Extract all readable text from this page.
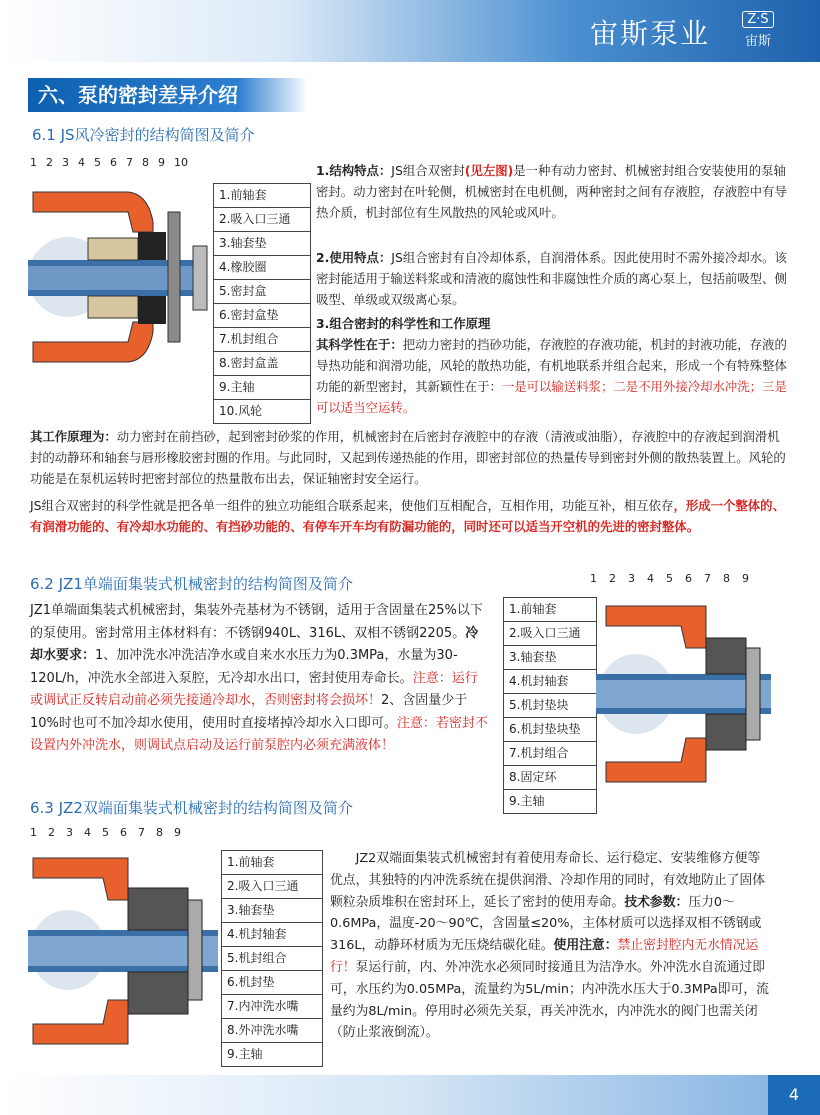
宙斯泵业	Z·S
宙斯
六、泵的密封差异介绍
6.1 JS风冷密封的结构简图及简介
1 2 3 4 5 6 7 8 9 10
1.前轴套
2.吸入口三通
3.轴套垫
4.橡胶圈
5.密封盒
6.密封盒垫
7.机封组合
8.密封盒盖
9.主轴
10.风轮
1.结构特点：JS组合双密封(见左图)是一种有动力密封、机械密封组合安装使用的泵轴密封。动力密封在叶轮侧，机械密封在电机侧，两种密封之间有存液腔，存液腔中有导热介质，机封部位有生风散热的风轮或风叶。
2.使用特点：JS组合密封有自冷却体系，自润滑体系。因此使用时不需外接冷却水。该密封能适用于输送料浆或和清液的腐蚀性和非腐蚀性介质的离心泵上，包括前吸型、侧吸型、单级或双级离心泵。
3.组合密封的科学性和工作原理
其科学性在于：把动力密封的挡砂功能，存液腔的存液功能，机封的封液功能，存液的导热功能和润滑功能，风轮的散热功能，有机地联系并组合起来，形成一个有特殊整体功能的新型密封，其新颖性在于：一是可以输送料浆；二是不用外接冷却水冲洗；三是可以适当空运转。
其工作原理为：动力密封在前挡砂，起到密封砂浆的作用，机械密封在后密封存液腔中的存液（清液或油脂），存液腔中的存液起到润滑机封的动静环和轴套与唇形橡胶密封圈的作用。与此同时，又起到传递热能的作用，即密封部位的热量传导到密封外侧的散热装置上。风轮的功能是在泵机运转时把密封部位的热量散布出去，保证轴密封安全运行。
JS组合双密封的科学性就是把各单一组件的独立功能组合联系起来，使他们互相配合，互相作用，功能互补，相互依存，形成一个整体的、有润滑功能的、有冷却水功能的、有挡砂功能的、有停车开车均有防漏功能的，同时还可以适当开空机的先进的密封整体。
6.2 JZ1单端面集装式机械密封的结构简图及简介
JZ1单端面集装式机械密封，集装外壳基材为不锈钢，适用于含固量在25%以下的泵使用。密封常用主体材料有：不锈钢940L、316L、双相不锈钢2205。冷却水要求：1、加冲洗水冲洗洁净水或自来水水压力为0.3MPa，水量为30-120L/h，冲洗水全部进入泵腔，无冷却水出口，密封使用寿命长。注意：运行或调试正反转启动前必须先接通冷却水，否则密封将会损坏！2、含固量少于10%时也可不加冷却水使用，使用时直接堵掉冷却水入口即可。注意：若密封不设置内外冲洗水，则调试点启动及运行前泵腔内必须充满液体！
1 2 3 4 5 6 7 8 9
1.前轴套
2.吸入口三通
3.轴套垫
4.机封轴套
5.机封垫块
6.机封垫块垫
7.机封组合
8.固定环
9.主轴
6.3 JZ2双端面集装式机械密封的结构简图及简介
1 2 3 4 5 6 7 8 9
1.前轴套
2.吸入口三通
3.轴套垫
4.机封轴套
5.机封组合
6.机封垫
7.内冲洗水嘴
8.外冲洗水嘴
9.主轴
JZ2双端面集装式机械密封有着使用寿命长、运行稳定、安装维修方便等优点，其独特的内冲洗系统在提供润滑、冷却作用的同时，有效地防止了固体颗粒杂质堆积在密封环上，延长了密封的使用寿命。技术参数：压力0～0.6MPa，温度-20～90℃，含固量≤20%，主体材质可以选择双相不锈钢或316L，动静环材质为无压烧结碳化硅。使用注意：禁止密封腔内无水情况运行！泵运行前，内、外冲洗水必须同时接通且为洁净水。外冲洗水自流通过即可，水压约为0.05MPa，流量约为5L/min；内冲洗水压大于0.3MPa即可，流量约为8L/min。停用时必须先关泵，再关冲洗水，内冲洗水的阀门也需关闭（防止浆液倒流）。
4
